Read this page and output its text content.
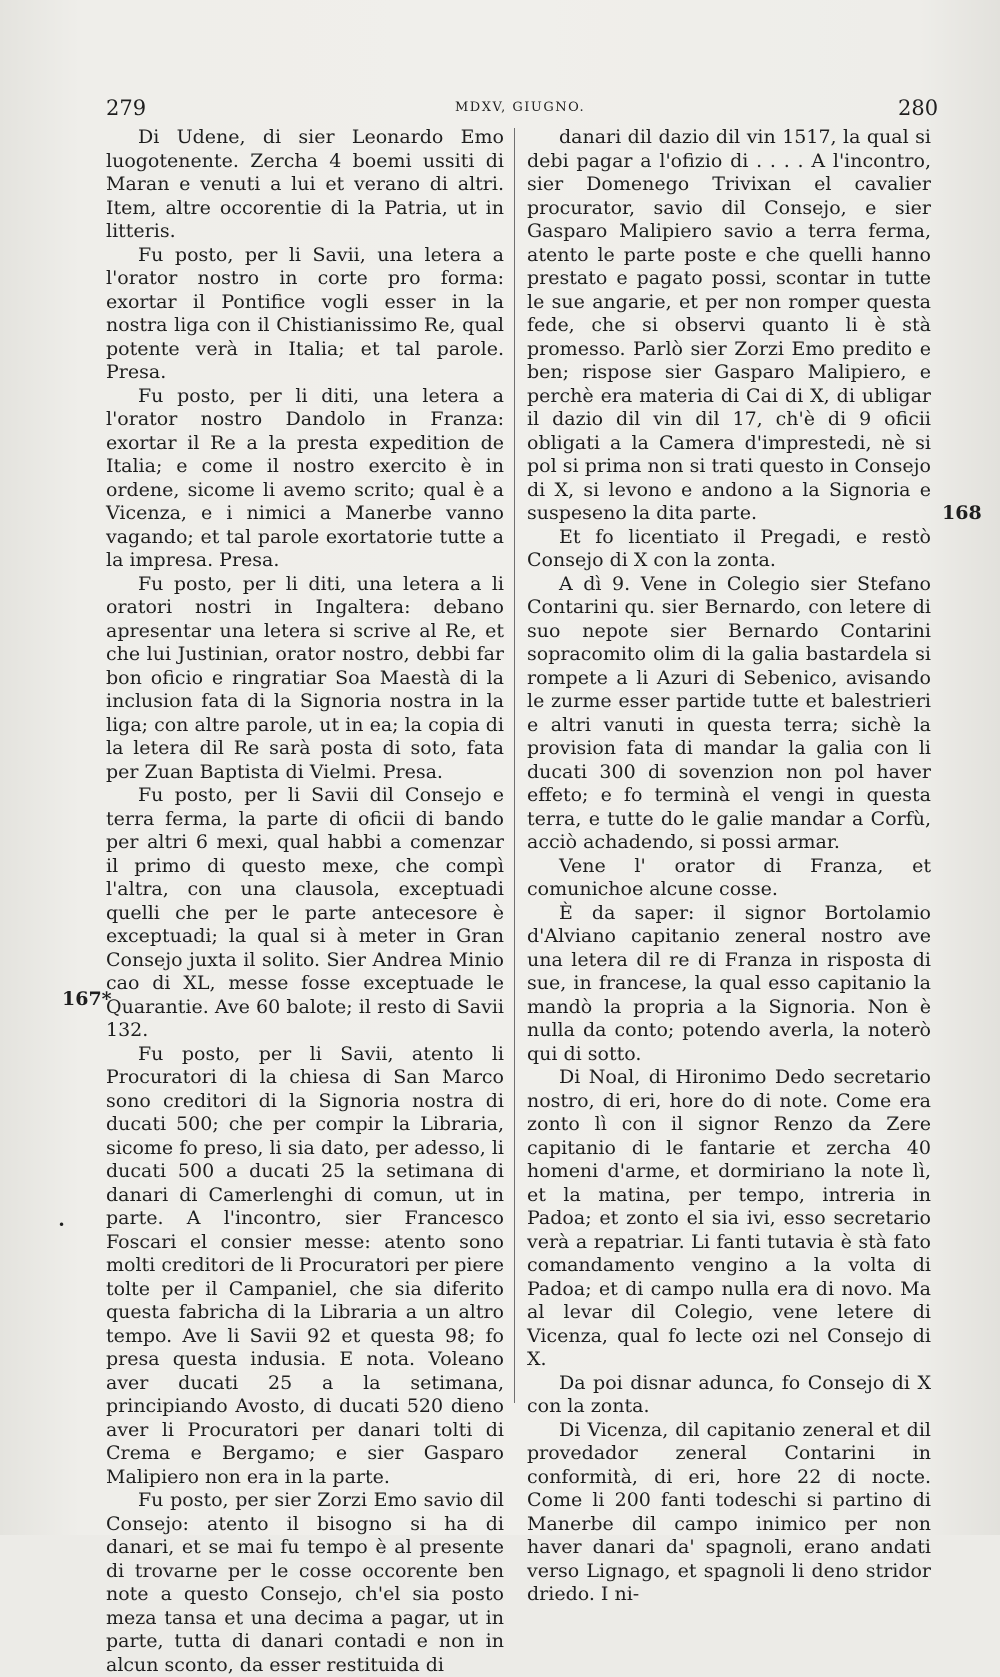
279	MDXV, GIUGNO.	280

Di Udene, di sier Leonardo Emo luogotenente. Zercha 4 boemi ussiti di Maran e venuti a lui et verano di altri. Item, altre occorentie di la Patria, ut in litteris.

Fu posto, per li Savii, una letera a l'orator nostro in corte pro forma: exortar il Pontifice vogli esser in la nostra liga con il Chistianissimo Re, qual potente verà in Italia; et tal parole. Presa.

Fu posto, per li diti, una letera a l'orator nostro Dandolo in Franza: exortar il Re a la presta expedition de Italia; e come il nostro exercito è in ordene, sicome li avemo scrito; qual è a Vicenza, e i nimici a Manerbe vanno vagando; et tal parole exortatorie tutte a la impresa. Presa.

Fu posto, per li diti, una letera a li oratori nostri in Ingaltera: debano apresentar una letera si scrive al Re, et che lui Justinian, orator nostro, debbi far bon oficio e ringratiar Soa Maestà di la inclusion fata di la Signoria nostra in la liga; con altre parole, ut in ea; la copia di la letera dil Re sarà posta di soto, fata per Zuan Baptista di Vielmi. Presa.

Fu posto, per li Savii dil Consejo e terra ferma, la parte di oficii di bando per altri 6 mexi, qual habbi a comenzar il primo di questo mexe, che compì l'altra, con una clausola, exceptuadi quelli che per le parte antecesore è exceptuadi; la qual si à meter in Gran Consejo juxta il solito. Sier Andrea Minio cao di XL, messe fosse exceptuade le Quarantie. Ave 60 balote; il resto di Savii 132.

Fu posto, per li Savii, atento li Procuratori di la chiesa di San Marco sono creditori di la Signoria nostra di ducati 500; che per compir la Libraria, sicome fo preso, li sia dato, per adesso, li ducati 500 a ducati 25 la setimana di danari di Camerlenghi di comun, ut in parte. A l'incontro, sier Francesco Foscari el consier messe: atento sono molti creditori de li Procuratori per piere tolte per il Campaniel, che sia diferito questa fabricha di la Libraria a un altro tempo. Ave li Savii 92 et questa 98; fo presa questa indusia. E nota. Voleano aver ducati 25 a la setimana, principiando Avosto, di ducati 520 dieno aver li Procuratori per danari tolti di Crema e Bergamo; e sier Gasparo Malipiero non era in la parte.

Fu posto, per sier Zorzi Emo savio dil Consejo: atento il bisogno si ha di danari, et se mai fu tempo è al presente di trovarne per le cosse occorente ben note a questo Consejo, ch'el sia posto meza tansa et una decima a pagar, ut in parte, tutta di danari contadi e non in alcun sconto, da esser restituida di

danari dil dazio dil vin 1517, la qual si debi pagar a l'ofizio di . . . . A l'incontro, sier Domenego Trivixan el cavalier procurator, savio dil Consejo, e sier Gasparo Malipiero savio a terra ferma, atento le parte poste e che quelli hanno prestato e pagato possi, scontar in tutte le sue angarie, et per non romper questa fede, che si observi quanto li è stà promesso. Parlò sier Zorzi Emo predito e ben; rispose sier Gasparo Malipiero, e perchè era materia di Cai di X, di ubligar il dazio dil vin dil 17, ch'è di 9 oficii obligati a la Camera d'imprestedi, nè si pol si prima non si trati questo in Consejo di X, si levono e andono a la Signoria e suspeseno la dita parte.

Et fo licentiato il Pregadi, e restò Consejo di X con la zonta.

A dì 9. Vene in Colegio sier Stefano Contarini qu. sier Bernardo, con letere di suo nepote sier Bernardo Contarini sopracomito olim di la galia bastardela si rompete a li Azuri di Sebenico, avisando le zurme esser partide tutte et balestrieri e altri vanuti in questa terra; sichè la provision fata di mandar la galia con li ducati 300 di sovenzion non pol haver effeto; e fo terminà el vengi in questa terra, e tutte do le galie mandar a Corfù, acciò achadendo, si possi armar.

Vene l' orator di Franza, et comunichoe alcune cosse.

È da saper: il signor Bortolamio d'Alviano capitanio zeneral nostro ave una letera dil re di Franza in risposta di sue, in francese, la qual esso capitanio la mandò la propria a la Signoria. Non è nulla da conto; potendo averla, la noterò qui di sotto.

Di Noal, di Hironimo Dedo secretario nostro, di eri, hore do di note. Come era zonto lì con il signor Renzo da Zere capitanio di le fantarie et zercha 40 homeni d'arme, et dormiriano la note lì, et la matina, per tempo, intreria in Padoa; et zonto el sia ivi, esso secretario verà a repatriar. Li fanti tutavia è stà fato comandamento vengino a la volta di Padoa; et di campo nulla era di novo. Ma al levar dil Colegio, vene letere di Vicenza, qual fo lecte ozi nel Consejo di X.

Da poi disnar adunca, fo Consejo di X con la zonta.

Di Vicenza, dil capitanio zeneral et dil provedador zeneral Contarini in conformità, di eri, hore 22 di nocte. Come li 200 fanti todeschi si partino di Manerbe dil campo inimico per non haver danari da' spagnoli, erano andati verso Lignago, et spagnoli li deno stridor driedo. I ni-

168
167*
•
